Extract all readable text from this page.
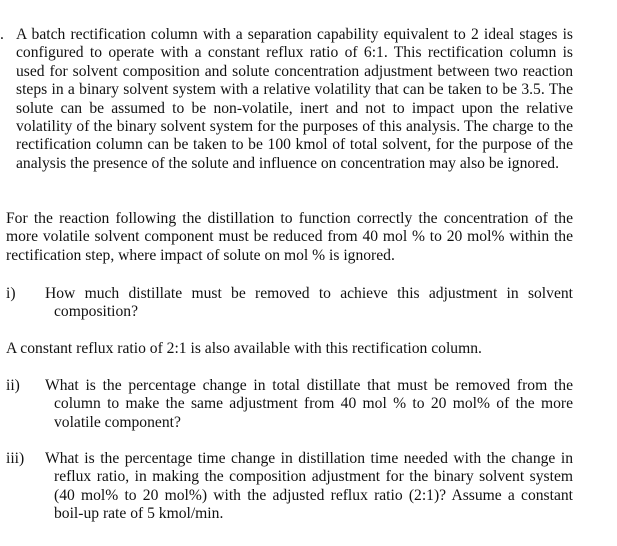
. A batch rectification column with a separation capability equivalent to 2 ideal stages is configured to operate with a constant reflux ratio of 6:1. This rectification column is used for solvent composition and solute concentration adjustment between two reaction steps in a binary solvent system with a relative volatility that can be taken to be 3.5. The solute can be assumed to be non-volatile, inert and not to impact upon the relative volatility of the binary solvent system for the purposes of this analysis. The charge to the rectification column can be taken to be 100 kmol of total solvent, for the purpose of the analysis the presence of the solute and influence on concentration may also be ignored.
For the reaction following the distillation to function correctly the concentration of the more volatile solvent component must be reduced from 40 mol % to 20 mol% within the rectification step, where impact of solute on mol % is ignored.
i) How much distillate must be removed to achieve this adjustment in solvent composition?
A constant reflux ratio of 2:1 is also available with this rectification column.
ii) What is the percentage change in total distillate that must be removed from the column to make the same adjustment from 40 mol % to 20 mol% of the more volatile component?
iii) What is the percentage time change in distillation time needed with the change in reflux ratio, in making the composition adjustment for the binary solvent system (40 mol% to 20 mol%) with the adjusted reflux ratio (2:1)? Assume a constant boil-up rate of 5 kmol/min.
